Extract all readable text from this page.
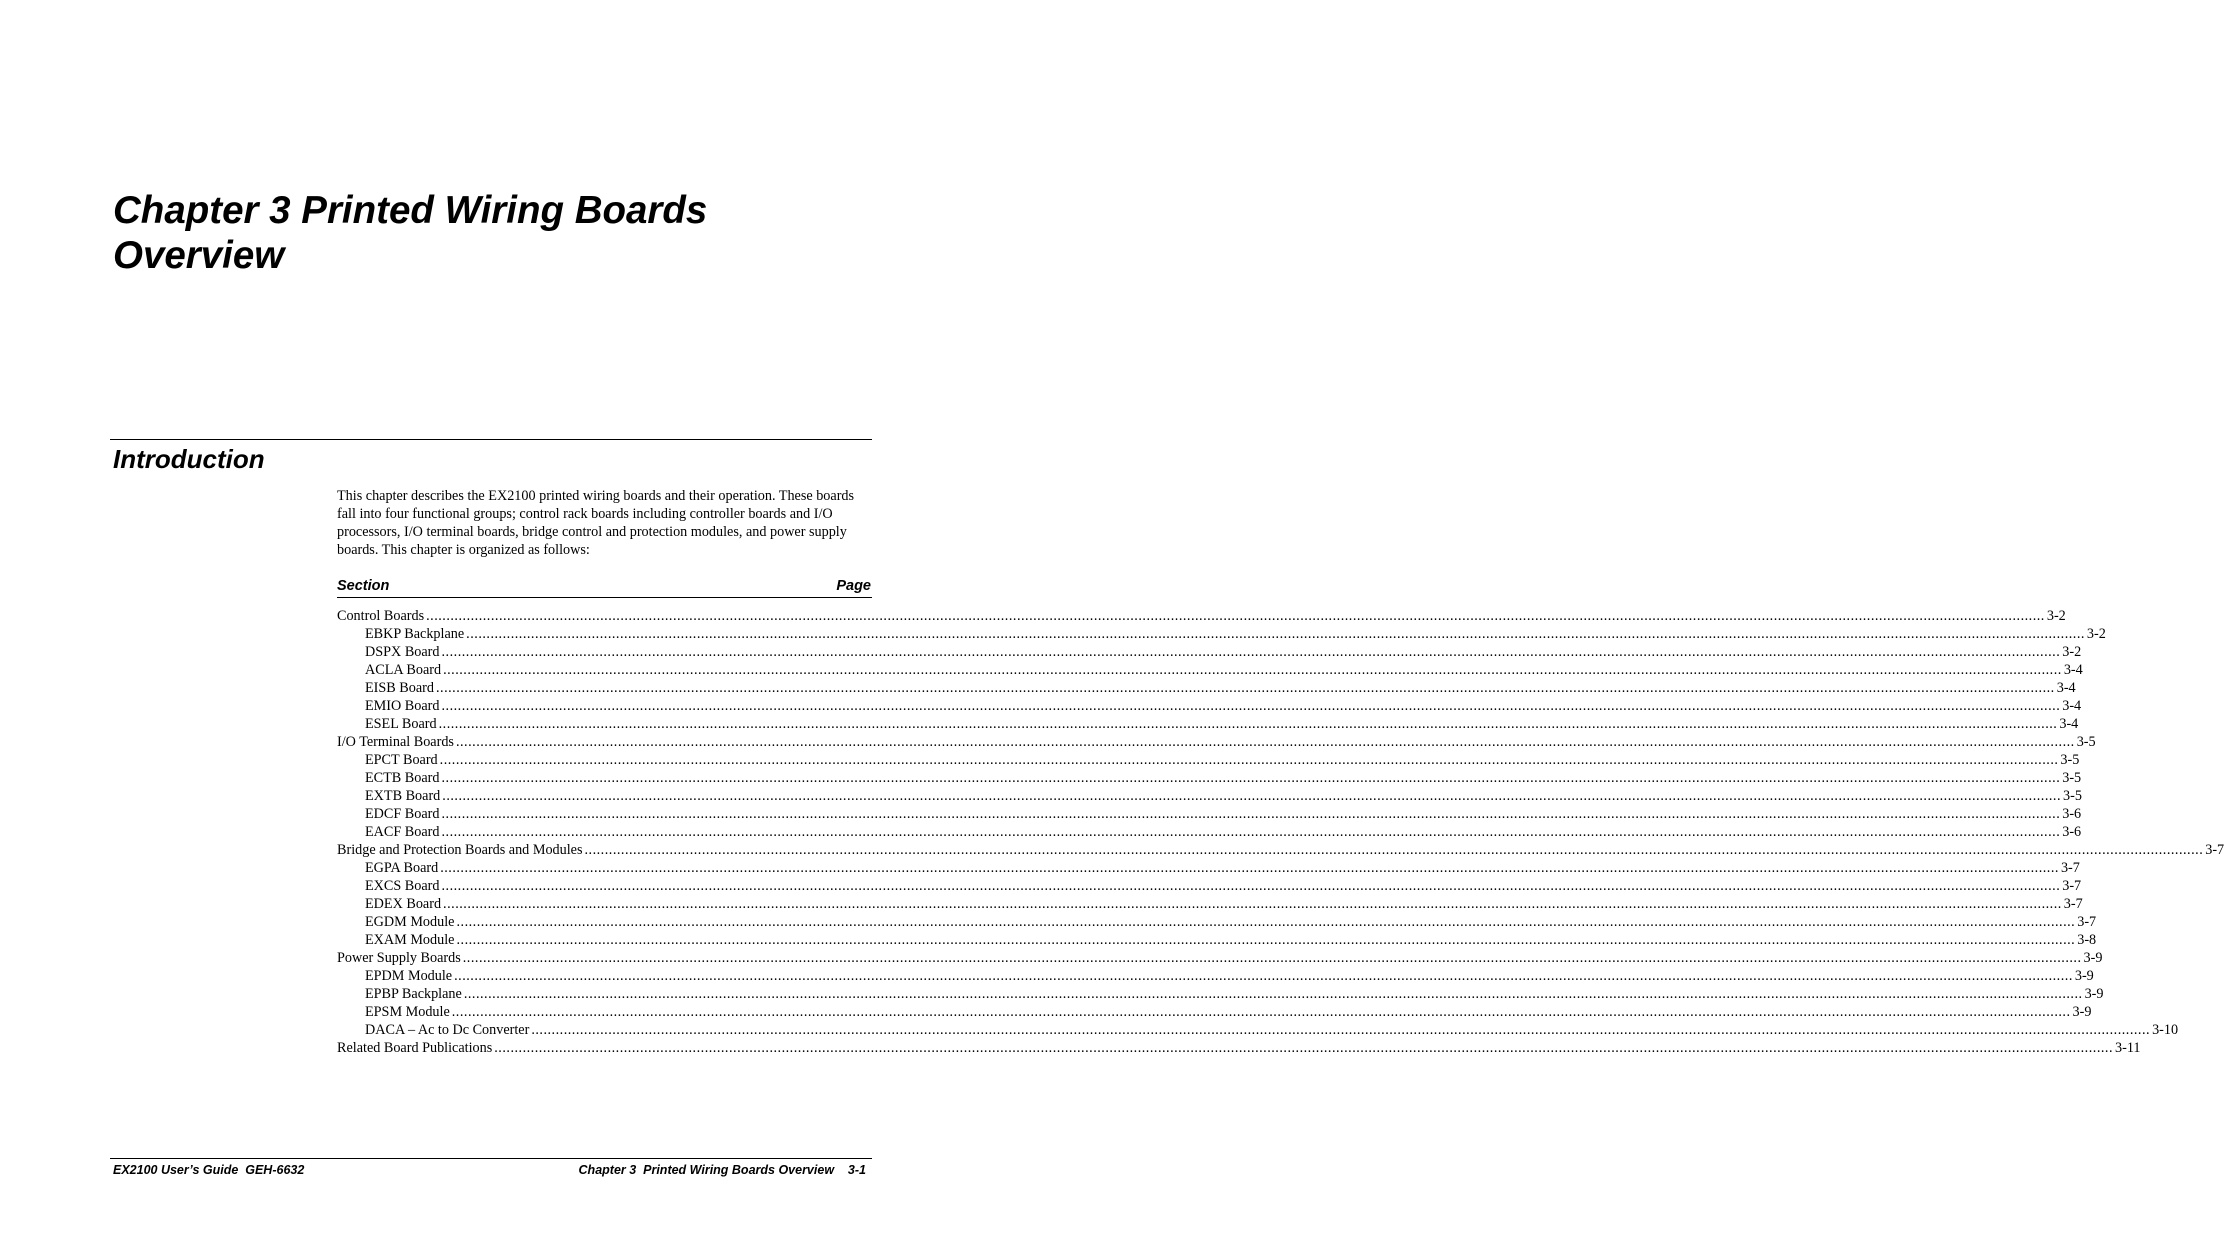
Chapter 3 Printed Wiring Boards
Overview
Introduction

This chapter describes the EX2100 printed wiring boards and their operation. These boards fall into four functional groups; control rack boards including controller boards and I/O processors, I/O terminal boards, bridge control and protection modules, and power supply boards. This chapter is organized as follows:

Section	Page
Control Boards ................................................................................................................................................................................................................................................................................................................................................................................................................ 3-2
EBKP Backplane ................................................................................................................................................................................................................................................................................................................................................................................................................ 3-2
DSPX Board ................................................................................................................................................................................................................................................................................................................................................................................................................ 3-2
ACLA Board ................................................................................................................................................................................................................................................................................................................................................................................................................ 3-4
EISB Board ................................................................................................................................................................................................................................................................................................................................................................................................................ 3-4
EMIO Board ................................................................................................................................................................................................................................................................................................................................................................................................................ 3-4
ESEL Board ................................................................................................................................................................................................................................................................................................................................................................................................................ 3-4
I/O Terminal Boards ................................................................................................................................................................................................................................................................................................................................................................................................................ 3-5
EPCT Board ................................................................................................................................................................................................................................................................................................................................................................................................................ 3-5
ECTB Board ................................................................................................................................................................................................................................................................................................................................................................................................................ 3-5
EXTB Board ................................................................................................................................................................................................................................................................................................................................................................................................................ 3-5
EDCF Board ................................................................................................................................................................................................................................................................................................................................................................................................................ 3-6
EACF Board ................................................................................................................................................................................................................................................................................................................................................................................................................ 3-6
Bridge and Protection Boards and Modules ................................................................................................................................................................................................................................................................................................................................................................................................................ 3-7
EGPA Board ................................................................................................................................................................................................................................................................................................................................................................................................................ 3-7
EXCS Board ................................................................................................................................................................................................................................................................................................................................................................................................................ 3-7
EDEX Board ................................................................................................................................................................................................................................................................................................................................................................................................................ 3-7
EGDM Module ................................................................................................................................................................................................................................................................................................................................................................................................................ 3-7
EXAM Module ................................................................................................................................................................................................................................................................................................................................................................................................................ 3-8
Power Supply Boards ................................................................................................................................................................................................................................................................................................................................................................................................................ 3-9
EPDM Module ................................................................................................................................................................................................................................................................................................................................................................................................................ 3-9
EPBP Backplane ................................................................................................................................................................................................................................................................................................................................................................................................................ 3-9
EPSM Module ................................................................................................................................................................................................................................................................................................................................................................................................................ 3-9
DACA – Ac to Dc Converter ................................................................................................................................................................................................................................................................................................................................................................................................................ 3-10
Related Board Publications ................................................................................................................................................................................................................................................................................................................................................................................................................ 3-11
EX2100 User’s Guide  GEH-6632	Chapter 3  Printed Wiring Boards Overview    3-1
